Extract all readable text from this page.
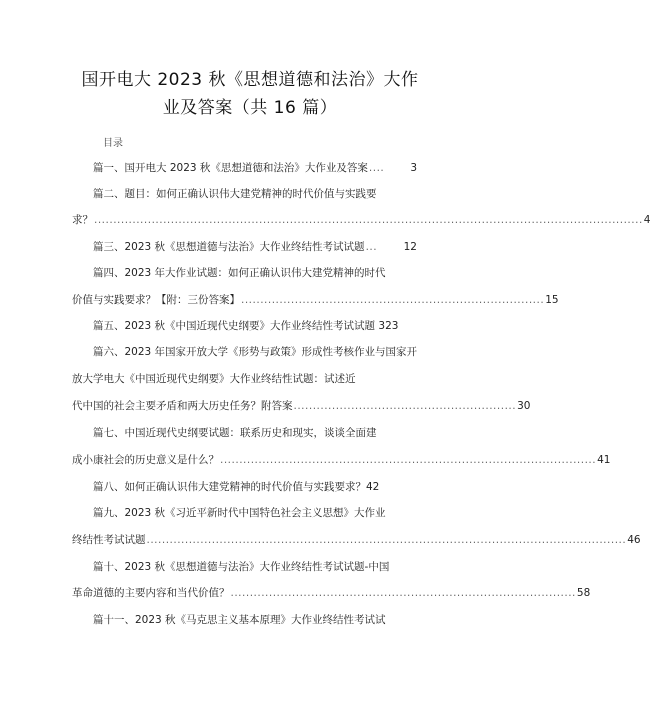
国开电大 2023 秋《思想道德和法治》大作
业及答案（共 16 篇）
目录
篇一、国开电大 2023 秋《思想道德和法治》大作业及答案 ....	3
篇二、题目：如何正确认识伟大建党精神的时代价值与实践要
求？ ............................................................................................................................................... 4
篇三、2023 秋《思想道德与法治》大作业终结性考试试题 ...	12
篇四、2023 年大作业试题：如何正确认识伟大建党精神的时代
价值与实践要求？【附：三份答案】 ............................................................................... 15
篇五、2023 秋《中国近现代史纲要》大作业终结性考试试题 323
篇六、2023 年国家开放大学《形势与政策》形成性考核作业与国家开
放大学电大《中国近现代史纲要》大作业终结性试题：试述近
代中国的社会主要矛盾和两大历史任务？附答案 .......................................................... 30
篇七、中国近现代史纲要试题：联系历史和现实，谈谈全面建
成小康社会的历史意义是什么？ .................................................................................................. 41
篇八、如何正确认识伟大建党精神的时代价值与实践要求？42
篇九、2023 秋《习近平新时代中国特色社会主义思想》大作业
终结性考试试题 ............................................................................................................................. 46
篇十、2023 秋《思想道德与法治》大作业终结性考试试题-中国
革命道德的主要内容和当代价值？ .......................................................................................... 58
篇十一、2023 秋《马克思主义基本原理》大作业终结性考试试
